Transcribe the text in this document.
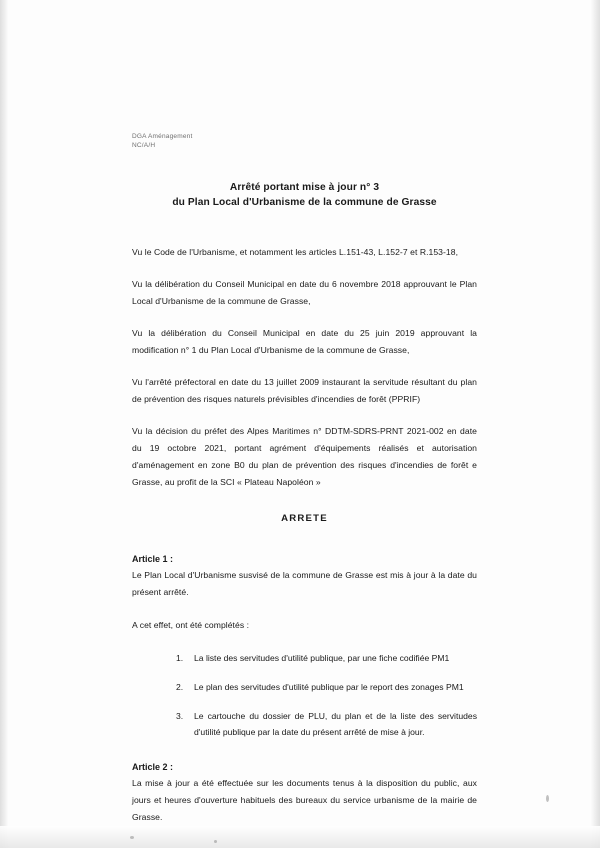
DGA Aménagement
NC/A/H
Arrêté portant mise à jour n° 3
du Plan Local d'Urbanisme de la commune de Grasse

Vu le Code de l'Urbanisme, et notamment les articles L.151-43, L.152-7 et R.153-18,

Vu la délibération du Conseil Municipal en date du 6 novembre 2018 approuvant le Plan Local d'Urbanisme de la commune de Grasse,

Vu la délibération du Conseil Municipal en date du 25 juin 2019 approuvant la modification n° 1 du Plan Local d'Urbanisme de la commune de Grasse,

Vu l'arrêté préfectoral en date du 13 juillet 2009 instaurant la servitude résultant du plan de prévention des risques naturels prévisibles d'incendies de forêt (PPRIF)

Vu la décision du préfet des Alpes Maritimes n° DDTM-SDRS-PRNT 2021-002 en date du 19 octobre 2021, portant agrément d'équipements réalisés et autorisation d'aménagement en zone B0 du plan de prévention des risques d'incendies de forêt e Grasse, au profit de la SCI « Plateau Napoléon »

ARRETE
Article 1 :

Le Plan Local d'Urbanisme susvisé de la commune de Grasse est mis à jour à la date du présent arrêté.

A cet effet, ont été complétés :

La liste des servitudes d'utilité publique, par une fiche codifiée PM1
Le plan des servitudes d'utilité publique par le report des zonages PM1
Le cartouche du dossier de PLU, du plan et de la liste des servitudes d'utilité publique par la date du présent arrêté de mise à jour.
Article 2 :

La mise à jour a été effectuée sur les documents tenus à la disposition du public, aux jours et heures d'ouverture habituels des bureaux du service urbanisme de la mairie de Grasse.
